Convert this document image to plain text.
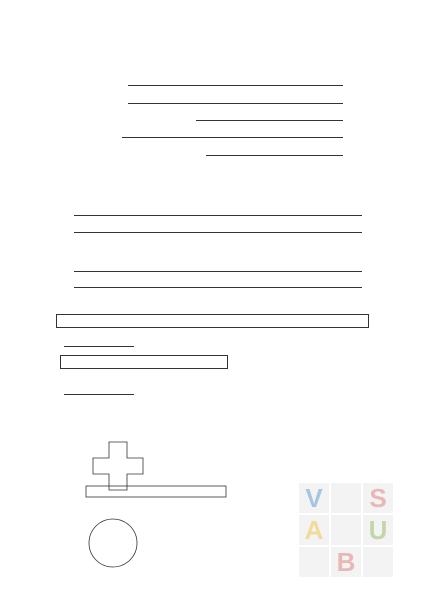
V S
A U
B
